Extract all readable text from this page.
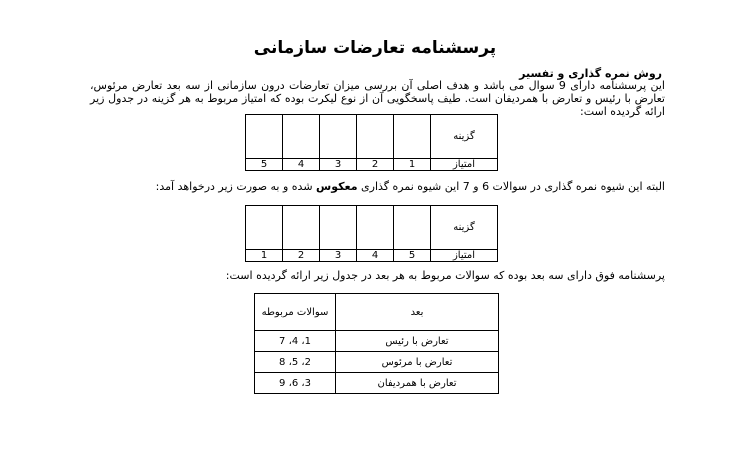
پرسشنامه تعارضات سازمانی
روش نمره گذاری و تفسیر
این پرسشنامه دارای 9 سوال می باشد و هدف اصلی آن بررسی میزان تعارضات درون سازمانی از سه بعد تعارض مرئوس، تعارض با رئیس و تعارض با همردیفان است. طیف پاسخگویی آن از نوع لیکرت بوده که امتیاز مربوط به هر گزینه در جدول زیر ارائه گردیده است:
					گزینه
5	4	3	2	1	امتیاز
البته این شیوه نمره گذاری در سوالات 6 و 7 این شیوه نمره گذاری معکوس شده و به صورت زیر درخواهد آمد:
					گزینه
1	2	3	4	5	امتیاز
پرسشنامه فوق دارای سه بعد بوده که سوالات مربوط به هر بعد در جدول زیر ارائه گردیده است:
بعد	سوالات مربوطه
تعارض با رئیس	1، 4، 7
تعارض با مرئوس	2، 5، 8
تعارض با همردیفان	3، 6، 9
